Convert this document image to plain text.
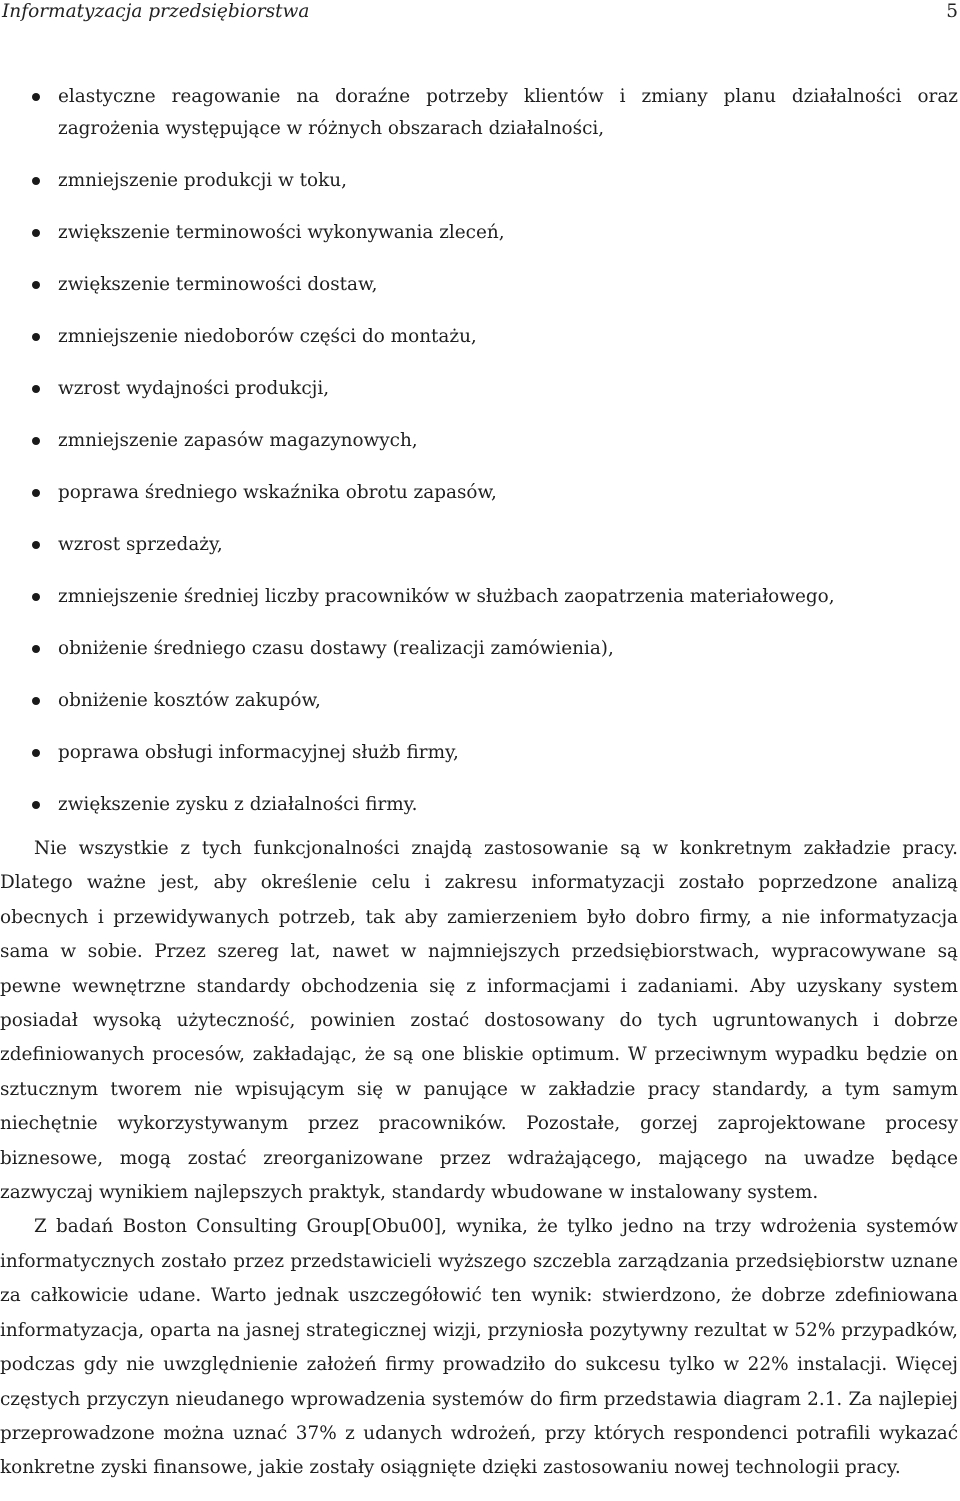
Informatyzacja przedsiębiorstwa	5
elastyczne reagowanie na doraźne potrzeby klientów i zmiany planu działalności oraz zagrożenia występujące w różnych obszarach działalności,
zmniejszenie produkcji w toku,
zwiększenie terminowości wykonywania zleceń,
zwiększenie terminowości dostaw,
zmniejszenie niedoborów części do montażu,
wzrost wydajności produkcji,
zmniejszenie zapasów magazynowych,
poprawa średniego wskaźnika obrotu zapasów,
wzrost sprzedaży,
zmniejszenie średniej liczby pracowników w służbach zaopatrzenia materiałowego,
obniżenie średniego czasu dostawy (realizacji zamówienia),
obniżenie kosztów zakupów,
poprawa obsługi informacyjnej służb firmy,
zwiększenie zysku z działalności firmy.

Nie wszystkie z tych funkcjonalności znajdą zastosowanie są w konkretnym zakładzie pracy. Dlatego ważne jest, aby określenie celu i zakresu informatyzacji zostało poprzedzone analizą obecnych i przewidywanych potrzeb, tak aby zamierzeniem było dobro firmy, a nie informatyzacja sama w sobie. Przez szereg lat, nawet w najmniejszych przedsiębiorstwach, wypracowywane są pewne wewnętrzne standardy obchodzenia się z informacjami i zadaniami. Aby uzyskany system posiadał wysoką użyteczność, powinien zostać dostosowany do tych ugruntowanych i dobrze zdefiniowanych procesów, zakładając, że są one bliskie optimum. W przeciwnym wypadku będzie on sztucznym tworem nie wpisującym się w panujące w zakładzie pracy standardy, a tym samym niechętnie wykorzystywanym przez pracowników. Pozostałe, gorzej zaprojektowane procesy biznesowe, mogą zostać zreorganizowane przez wdrażającego, mającego na uwadze będące zazwyczaj wynikiem najlepszych praktyk, standardy wbudowane w instalowany system.

Z badań Boston Consulting Group[Obu00], wynika, że tylko jedno na trzy wdrożenia systemów informatycznych zostało przez przedstawicieli wyższego szczebla zarządzania przedsiębiorstw uznane za całkowicie udane. Warto jednak uszczegółowić ten wynik: stwierdzono, że dobrze zdefiniowana informatyzacja, oparta na jasnej strategicznej wizji, przyniosła pozytywny rezultat w 52% przypadków, podczas gdy nie uwzględnienie założeń firmy prowadziło do sukcesu tylko w 22% instalacji. Więcej częstych przyczyn nieudanego wprowadzenia systemów do firm przedstawia diagram 2.1. Za najlepiej przeprowadzone można uznać 37% z udanych wdrożeń, przy których respondenci potrafili wykazać konkretne zyski finansowe, jakie zostały osiągnięte dzięki zastosowaniu nowej technologii pracy.
